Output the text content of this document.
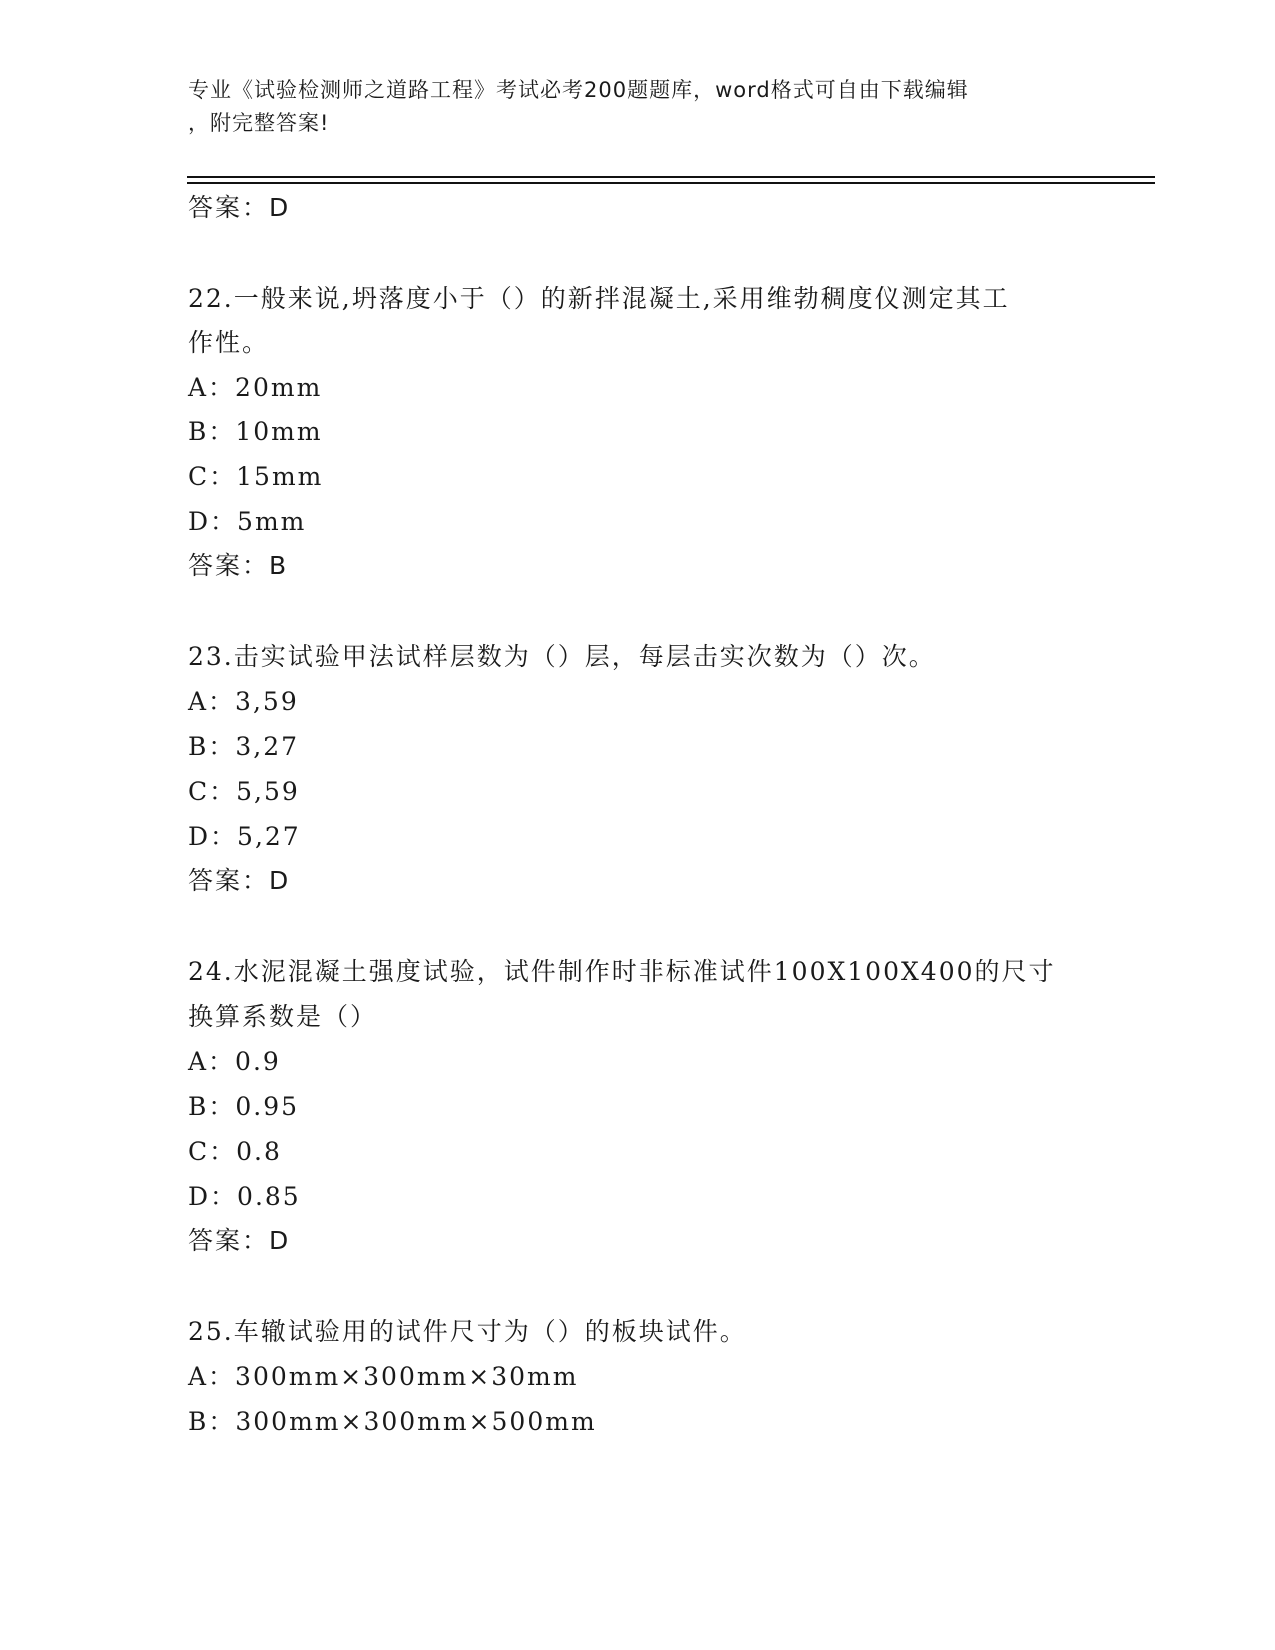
专业《试验检测师之道路工程》考试必考200题题库，word格式可自由下载编辑
，附完整答案!
答案：D
22.一般来说,坍落度小于（）的新拌混凝土,采用维勃稠度仪测定其工
作性。
A：20mm
B：10mm
C：15mm
D：5mm
答案：B
23.击实试验甲法试样层数为（）层，每层击实次数为（）次。
A：3,59
B：3,27
C：5,59
D：5,27
答案：D
24.水泥混凝土强度试验，试件制作时非标准试件100X100X400的尺寸
换算系数是（）
A：0.9
B：0.95
C：0.8
D：0.85
答案：D
25.车辙试验用的试件尺寸为（）的板块试件。
A：300mm×300mm×30mm
B：300mm×300mm×500mm
